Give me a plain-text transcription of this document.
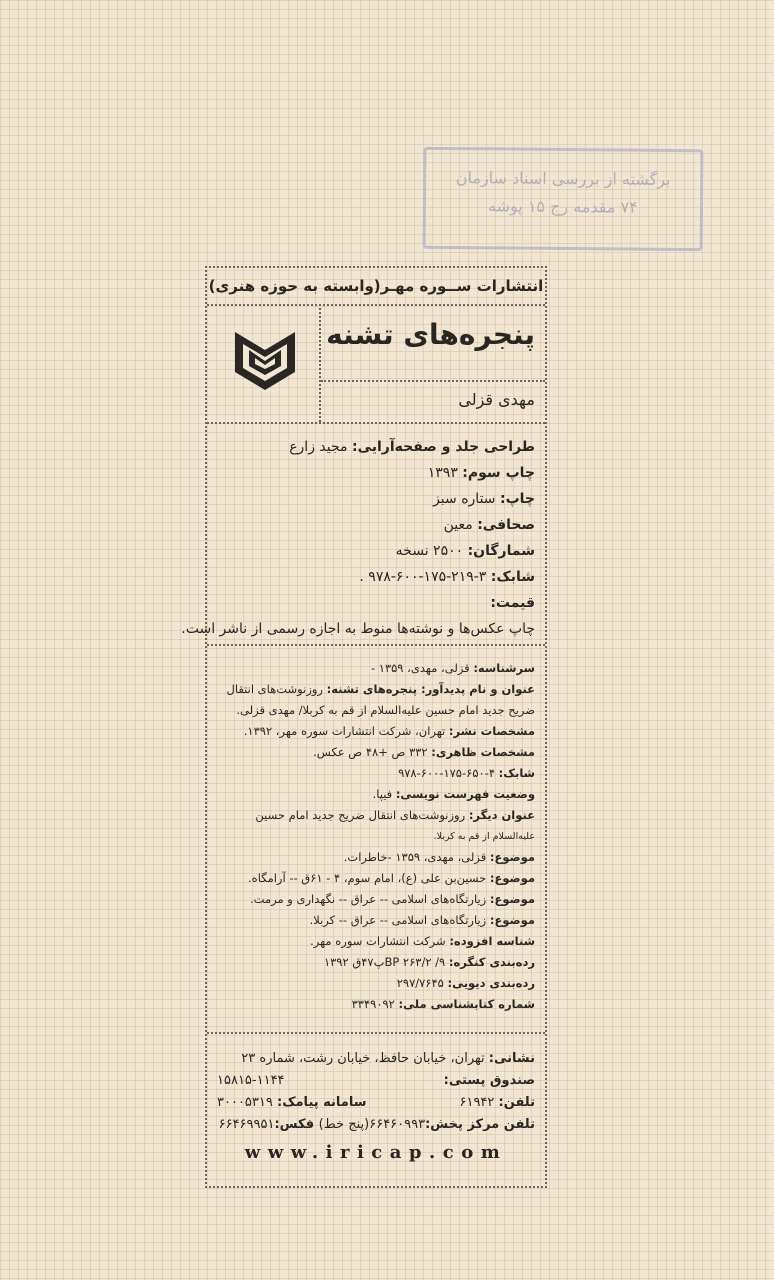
برگشته از بررسی اسناد سازمان
۷۴ مقدمه رج ۱۵ پوشه
انتشارات ســوره مهـر(وابسته به حوزه هنری)
پنجره‌های تشنه
مهدی قزلی
طراحی جلد و صفحه‌آرایی: مجید زارع
چاپ سوم: ۱۳۹۳
چاپ: ستاره سبز
صحافی: معین
شمارگان: ۲۵۰۰ نسخه
شابک: ۳-۲۱۹-۱۷۵-۶۰۰-۹۷۸ .
قیمت:
چاپ عکس‌ها و نوشته‌ها منوط به اجازه رسمی از ناشر است.
سرشناسه: قزلی، مهدی، ۱۳۵۹ -
عنوان و نام پدیدآور: پنجره‌های تشنه: روزنوشت‌های انتقال
ضریح جدید امام حسین علیه‌السلام از قم به کربلا/ مهدی قزلی.
مشخصات نشر: تهران، شرکت انتشارات سوره مهر، ۱۳۹۲.
مشخصات ظاهری: ۳۳۲ ص +۴۸ ص عکس.
شابک: ۴-۶۵۰-۱۷۵-۶۰۰-۹۷۸
وضعیت فهرست نویسی: فیپا.
عنوان دیگر: روزنوشت‌های انتقال ضریح جدید امام حسین
علیه‌السلام از قم به کربلا.
موضوع: قزلی، مهدی، ۱۳۵۹ -خاطرات.
موضوع: حسین‌بن علی (ع)، امام سوم، ۴ - ۶۱ق -- آرامگاه.
موضوع: زیارتگاه‌های اسلامی -- عراق -- نگهداری و مرمت.
موضوع: زیارتگاه‌های اسلامی -- عراق -- کربلا.
شناسه افزوده: شرکت انتشارات سوره مهر.
رده‌بندی کنگره: BP ۲۶۳/۲ /۹پ۴۷ق ۱۳۹۲
رده‌بندی دیویی: ۲۹۷/۷۶۴۵
شماره کتابشناسی ملی: ۳۳۴۹۰۹۲
نشانی: تهران، خیابان حافظ، خیابان رشت، شماره ۲۳
صندوق پستی:
۱۵۸۱۵-۱۱۴۴
تلفن: ۶۱۹۴۲
سامانه پیامک: ۳۰۰۰۵۳۱۹
تلفن مرکز پخش:۶۶۴۶۰۹۹۳(پنج خط) فکس:۶۶۴۶۹۹۵۱
www.iricap.com
